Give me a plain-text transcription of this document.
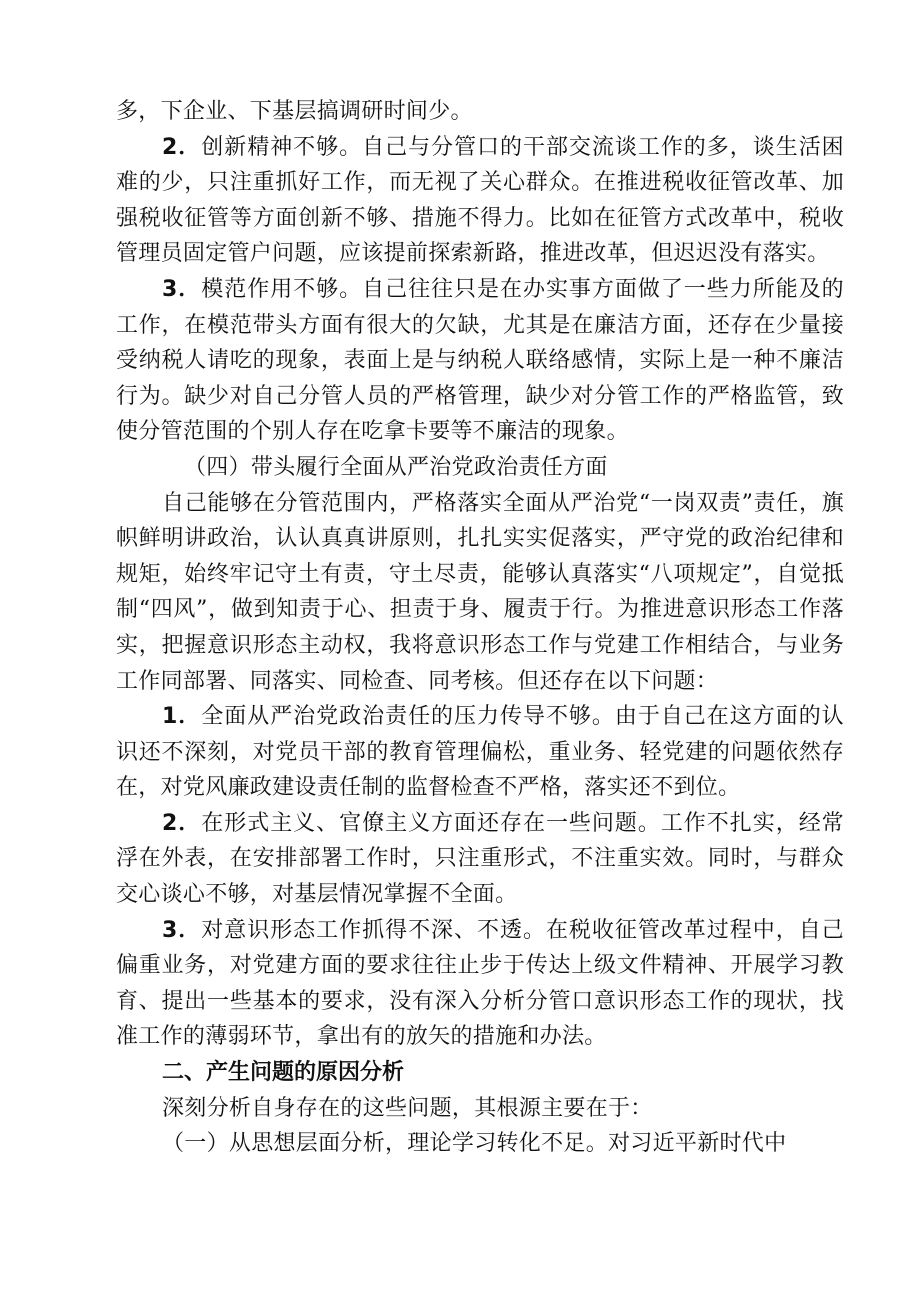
多，下企业、下基层搞调研时间少。

2．创新精神不够。自己与分管口的干部交流谈工作的多，谈生活困难的少，只注重抓好工作，而无视了关心群众。在推进税收征管改革、加强税收征管等方面创新不够、措施不得力。比如在征管方式改革中，税收管理员固定管户问题，应该提前探索新路，推进改革，但迟迟没有落实。

3．模范作用不够。自己往往只是在办实事方面做了一些力所能及的工作，在模范带头方面有很大的欠缺，尤其是在廉洁方面，还存在少量接受纳税人请吃的现象，表面上是与纳税人联络感情，实际上是一种不廉洁行为。缺少对自己分管人员的严格管理，缺少对分管工作的严格监管，致使分管范围的个别人存在吃拿卡要等不廉洁的现象。

（四）带头履行全面从严治党政治责任方面

自己能够在分管范围内，严格落实全面从严治党“一岗双责”责任，旗帜鲜明讲政治，认认真真讲原则，扎扎实实促落实，严守党的政治纪律和规矩，始终牢记守土有责，守土尽责，能够认真落实“八项规定”，自觉抵制“四风”，做到知责于心、担责于身、履责于行。为推进意识形态工作落实，把握意识形态主动权，我将意识形态工作与党建工作相结合，与业务工作同部署、同落实、同检查、同考核。但还存在以下问题：

1．全面从严治党政治责任的压力传导不够。由于自己在这方面的认识还不深刻，对党员干部的教育管理偏松，重业务、轻党建的问题依然存在，对党风廉政建设责任制的监督检查不严格，落实还不到位。

2．在形式主义、官僚主义方面还存在一些问题。工作不扎实，经常浮在外表，在安排部署工作时，只注重形式，不注重实效。同时，与群众交心谈心不够，对基层情况掌握不全面。

3．对意识形态工作抓得不深、不透。在税收征管改革过程中，自己偏重业务，对党建方面的要求往往止步于传达上级文件精神、开展学习教育、提出一些基本的要求，没有深入分析分管口意识形态工作的现状，找准工作的薄弱环节，拿出有的放矢的措施和办法。

二、产生问题的原因分析

深刻分析自身存在的这些问题，其根源主要在于：

（一）从思想层面分析，理论学习转化不足。对习近平新时代中
